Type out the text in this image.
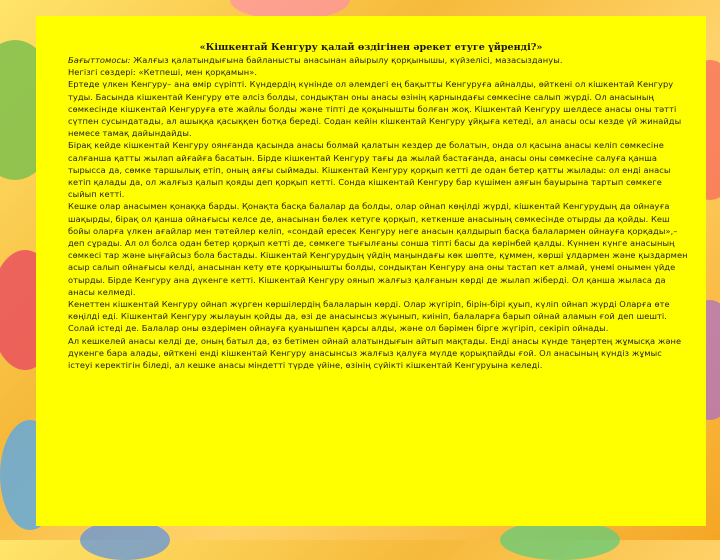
«Кішкентай Кенгуру қалай өздігінен әрекет етуге үйренді?»

Бағыттомосы: Жалғыз қалатындығына байланысты анасынан айырылу қорқынышы, күйзелісі, мазасыздануы.

Негізгі сөздері: «Кетпеші, мен қорқамын».

Ертеде үлкен Кенгуру– ана өмір сүріпті. Күндердің күнінде ол әлемдегі ең бақытты Кенгуруға айналды, өйткені ол кішкентай Кенгуру туды. Басында кішкентай Кенгуру өте әлсіз болды, сондықтан оны анасы өзінің қарнындағы сөмкесіне салып жүрді. Ол анасының сөмкесінде кішкентай Кенгуруға өте жайлы болды және тіпті де қоқынышты болған жоқ. Кішкентай Кенгуру шелдесе анасы оны тәтті сүтпен сусындатады, ал ашыққа қасыққен ботқа береді. Содан кейін кішкентай Кенгуру ұйқыға кетеді, ал анасы осы кезде үй жинайды немесе тамақ дайындайды.

Бірақ кейде кішкентай Кенгуру оянғанда қасында анасы болмай қалатын кездер де болатын, онда ол қасына анасы келіп сөмкесіне салғанша қатты жылап айғайға басатын. Бірде кішкентай Кенгуру тағы да жылай бастағанда, анасы оны сөмкесіне салуға қанша тырысса да, сөмке таршылық етіп, оның аяғы сыймады. Кішкентай Кенгуру қорқып кетті де одан бетер қатты жылады: ол енді анасы кетіп қалады да, ол жалғыз қалып қояды деп қорқып кетті. Сонда кішкентай Кенгуру бар күшімен аяғын бауырына тартып сөмкеге сыйып кетті.

Кешке олар анасымен қонаққа барды. Қонақта басқа балалар да болды, олар ойнап көңілді жүрді, кішкентай Кенгурудың да ойнауға шақырды, бірақ ол қанша ойнағысы келсе де, анасынан бөлек кетуге қорқып, кеткенше анасының сөмкесінде отырды да қойды. Кеш бойы оларға үлкен ағайлар мен тәтейлер келіп, «сондай ересек Кенгуру неге анасын қалдырып басқа балалармен ойнауға қорқады»,– деп сұрады. Ал ол болса одан бетер қорқып кетті де, сөмкеге тығылғаны сонша тіпті басы да көрінбей қалды. Күннен күнге анасының сөмкесі тар және ыңғайсыз бола бастады. Кішкентай Кенгурудың үйдің маңындағы көк шөпте, құммен, көрші ұлдармен және қыздармен асыр салып ойнағысы келді, анасынан кету өте қорқынышты болды, сондықтан Кенгуру ана оны тастап кет алмай, үнемі онымен үйде отырды. Бірде Кенгуру ана дүкенге кетті. Кішкентай Кенгуру оянып жалғыз қалғанын көрді де жылап жіберді. Ол қанша жыласа да анасы келмеді.

Кенеттен кішкентай Кенгуру ойнап жүрген көршілердің балаларын көрді. Олар жүгіріп, бірін-бірі қуып, күліп ойнап жүрді Оларға өте көңілді еді. Кішкентай Кенгуру жылауын қойды да, өзі де анасынсыз жүынып, киініп, балаларға барып ойнай аламын ғой деп шешті. Солай істеді де. Балалар оны өздерімен ойнауға қуанышпен қарсы алды, және ол бәрімен бірге жүгіріп, секіріп ойнады.

Ал кешкелей анасы келді де, оның батыл да, өз бетімен ойнай алатындығын айтып мақтады. Енді анасы күнде таңертең жұмысқа және дүкенге бара алады, өйткені енді кішкентай Кенгуру анасынсыз жалғыз қалуға мүлде қорықпайды ғой. Ол анасының күндіз жұмыс істеуі керектігін біледі, ал кешке анасы міндетті түрде үйіне, өзінің сүйікті кішкентай Кенгуруына келеді.
